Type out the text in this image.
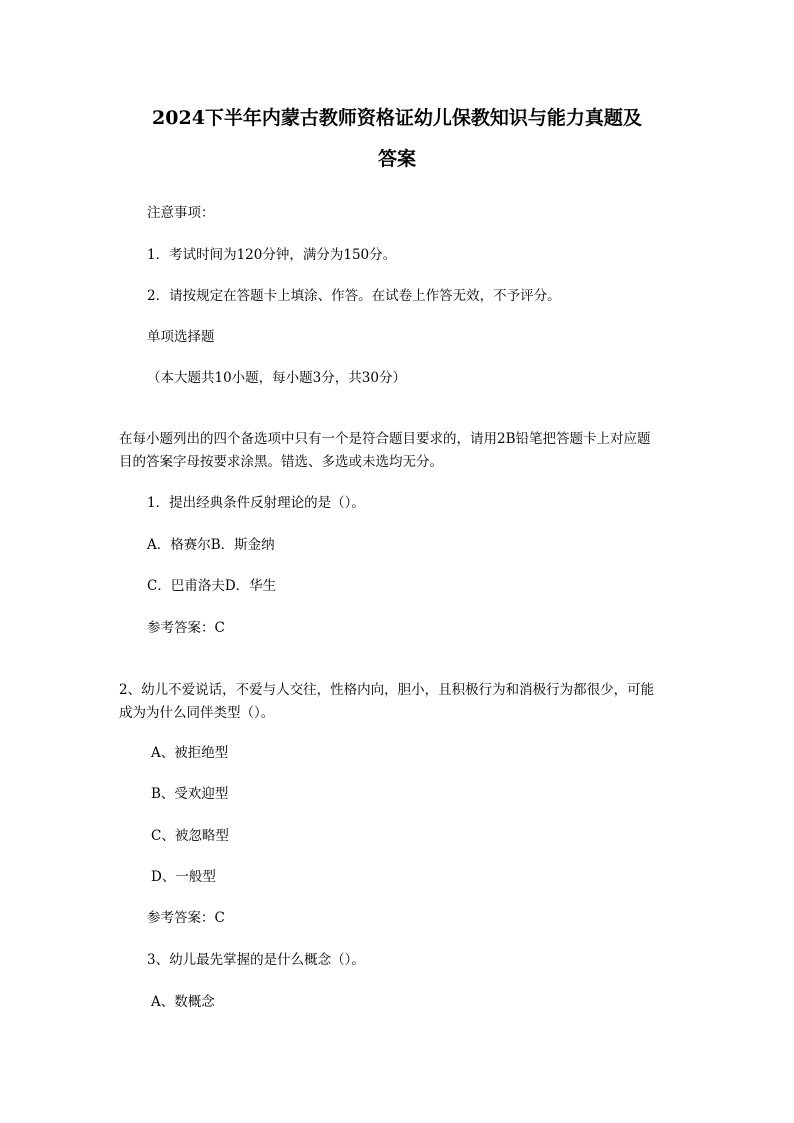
2024下半年内蒙古教师资格证幼儿保教知识与能力真题及
答案
注意事项：
1．考试时间为120分钟，满分为150分。
2．请按规定在答题卡上填涂、作答。在试卷上作答无效，不予评分。
单项选择题
（本大题共10小题，每小题3分，共30分）
在每小题列出的四个备选项中只有一个是符合题目要求的，请用2B铅笔把答题卡上对应题
目的答案字母按要求涂黑。错选、多选或未选均无分。
1．提出经典条件反射理论的是（）。
A．格赛尔B．斯金纳
C．巴甫洛夫D．华生
参考答案：C
2、幼儿不爱说话，不爱与人交往，性格内向，胆小，且积极行为和消极行为都很少，可能
成为为什么同伴类型（）。
A、被拒绝型
B、受欢迎型
C、被忽略型
D、一般型
参考答案：C
3、幼儿最先掌握的是什么概念（）。
A、数概念
